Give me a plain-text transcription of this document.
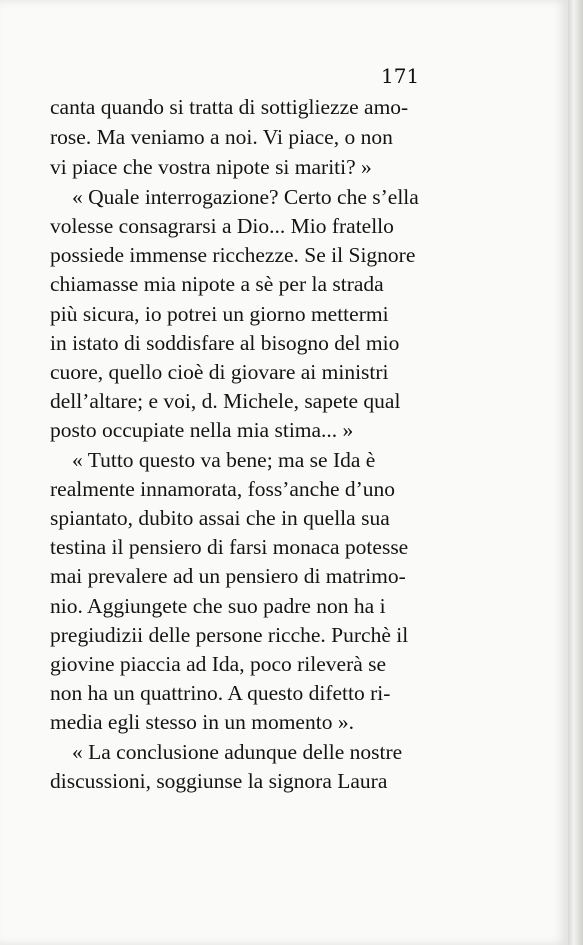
171
canta quando si tratta di sottigliezze amo-
rose. Ma veniamo a noi. Vi piace, o non
vi piace che vostra nipote si mariti? »
« Quale interrogazione? Certo che s’ella
volesse consagrarsi a Dio... Mio fratello
possiede immense ricchezze. Se il Signore
chiamasse mia nipote a sè per la strada
più sicura, io potrei un giorno mettermi
in istato di soddisfare al bisogno del mio
cuore, quello cioè di giovare ai ministri
dell’altare; e voi, d. Michele, sapete qual
posto occupiate nella mia stima... »
« Tutto questo va bene; ma se Ida è
realmente innamorata, foss’anche d’uno
spiantato, dubito assai che in quella sua
testina il pensiero di farsi monaca potesse
mai prevalere ad un pensiero di matrimo-
nio. Aggiungete che suo padre non ha i
pregiudizii delle persone ricche. Purchè il
giovine piaccia ad Ida, poco rileverà se
non ha un quattrino. A questo difetto ri-
media egli stesso in un momento ».
« La conclusione adunque delle nostre
discussioni, soggiunse la signora Laura
